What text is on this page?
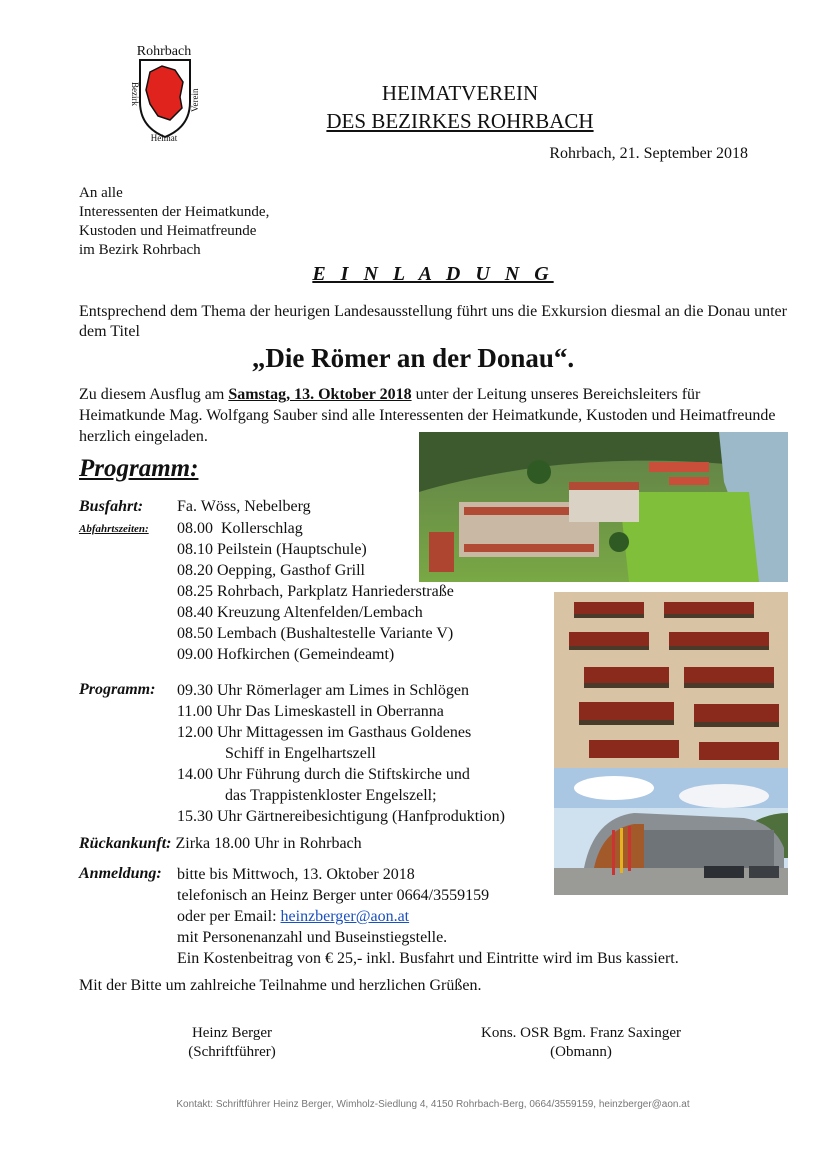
Rohrbach
Bezirk	Verein
Heimat
HEIMATVEREIN
DES BEZIRKES ROHRBACH
Rohrbach, 21. September 2018
An alle
Interessenten der Heimatkunde,
Kustoden und Heimatfreunde
im Bezirk Rohrbach
E I N L A D U N G
Entsprechend dem Thema der heurigen Landesausstellung führt uns die Exkursion diesmal an die Donau unter dem Titel
„Die Römer an der Donau“.
Zu diesem Ausflug am Samstag, 13. Oktober 2018 unter der Leitung unseres Bereichsleiters für Heimatkunde Mag. Wolfgang Sauber sind alle Interessenten der Heimatkunde, Kustoden und Heimatfreunde herzlich eingeladen.
Programm:
Busfahrt: Fa. Wöss, Nebelberg
Abfahrtszeiten: 08.00  Kollerschlag
08.10 Peilstein (Hauptschule)
08.20 Oepping, Gasthof Grill
08.25 Rohrbach, Parkplatz Hanriederstraße
08.40 Kreuzung Altenfelden/Lembach
08.50 Lembach (Bushaltestelle Variante V)
09.00 Hofkirchen (Gemeindeamt)
Programm: 09.30 Uhr Römerlager am Limes in Schlögen
11.00 Uhr Das Limeskastell in Oberranna
12.00 Uhr Mittagessen im Gasthaus Goldenes
Schiff in Engelhartszell
14.00 Uhr Führung durch die Stiftskirche und
das Trappistenkloster Engelszell;
15.30 Uhr Gärtnereibesichtigung (Hanfproduktion)
Rückankunft: Zirka 18.00 Uhr in Rohrbach
Anmeldung: bitte bis Mittwoch, 13. Oktober 2018
telefonisch an Heinz Berger unter 0664/3559159
oder per Email: heinzberger@aon.at
mit Personenanzahl und Buseinstiegstelle.
Ein Kostenbeitrag von € 25,- inkl. Busfahrt und Eintritte wird im Bus kassiert.
Mit der Bitte um zahlreiche Teilnahme und herzlichen Grüßen.
Heinz Berger
(Schriftführer)
Kons. OSR Bgm. Franz Saxinger
(Obmann)
Kontakt: Schriftführer Heinz Berger, Wimholz-Siedlung 4, 4150 Rohrbach-Berg, 0664/3559159, heinzberger@aon.at
